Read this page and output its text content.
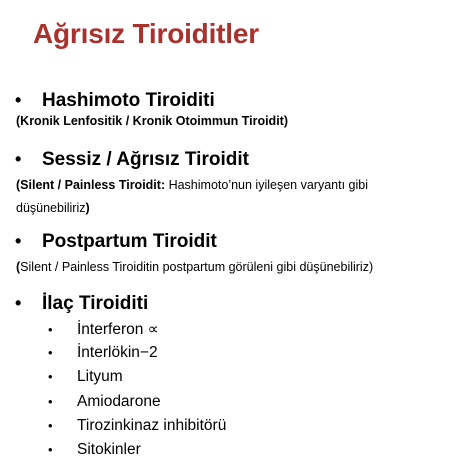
Ağrısız Tiroiditler
•	Hashimoto Tiroiditi
(Kronik Lenfositik / Kronik Otoimmun Tiroidit)
•	Sessiz / Ağrısız Tiroidit
(Silent / Painless Tiroidit: Hashimoto’nun iyileşen varyantı gibi
düşünebiliriz)
•	Postpartum Tiroidit
(Silent / Painless Tiroiditin postpartum görüleni gibi düşünebiliriz)
•	İlaç Tiroiditi
•	İnterferon ∝
•	İnterlökin−2
•	Lityum
•	Amiodarone
•	Tirozinkinaz inhibitörü
•	Sitokinler
